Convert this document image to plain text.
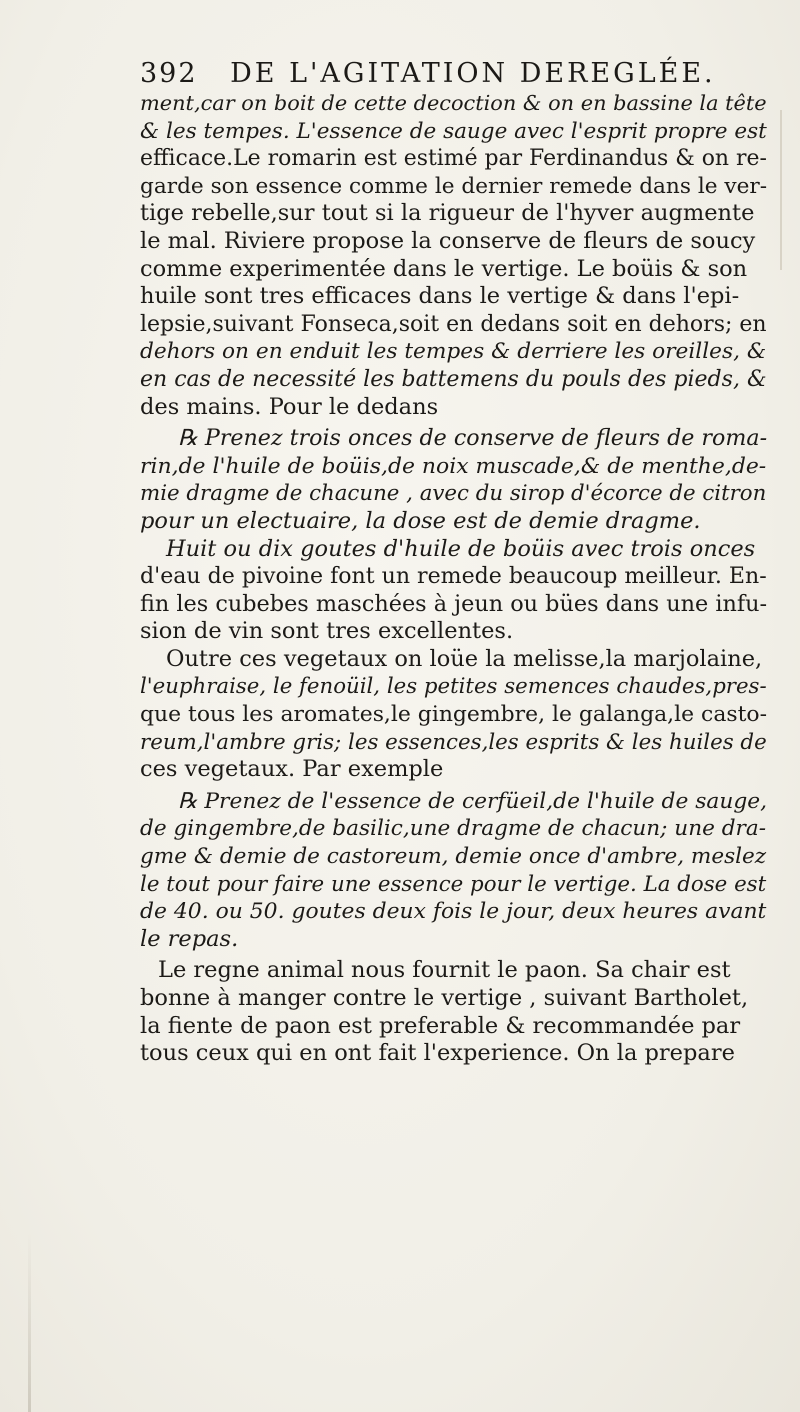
392 DE L'AGITATION DEREGLÉE.
ment,car on boit de cette decoction & on en bassine la tête
& les tempes. L'essence de sauge avec l'esprit propre est
efficace.Le romarin est estimé par Ferdinandus & on re-
garde son essence comme le dernier remede dans le ver-
tige rebelle,sur tout si la rigueur de l'hyver augmente
le mal. Riviere propose la conserve de fleurs de soucy
comme experimentée dans le vertige. Le boüis & son
huile sont tres efficaces dans le vertige & dans l'epi-
lepsie,suivant Fonseca,soit en dedans soit en dehors; en
dehors on en enduit les tempes & derriere les oreilles, &
en cas de necessité les battemens du pouls des pieds, &
des mains. Pour le dedans
℞ Prenez trois onces de conserve de fleurs de roma-
rin,de l'huile de boüis,de noix muscade,& de menthe,de-
mie dragme de chacune , avec du sirop d'écorce de citron
pour un electuaire, la dose est de demie dragme.
Huit ou dix goutes d'huile de boüis avec trois onces
d'eau de pivoine font un remede beaucoup meilleur. En-
fin les cubebes maschées à jeun ou bües dans une infu-
sion de vin sont tres excellentes.
Outre ces vegetaux on loüe la melisse,la marjolaine,
l'euphraise, le fenoüil, les petites semences chaudes,pres-
que tous les aromates,le gingembre, le galanga,le casto-
reum,l'ambre gris; les essences,les esprits & les huiles de
ces vegetaux. Par exemple
℞ Prenez de l'essence de cerfüeil,de l'huile de sauge,
de gingembre,de basilic,une dragme de chacun; une dra-
gme & demie de castoreum, demie once d'ambre, meslez
le tout pour faire une essence pour le vertige. La dose est
de 40. ou 50. goutes deux fois le jour, deux heures avant
le repas.
Le regne animal nous fournit le paon. Sa chair est
bonne à manger contre le vertige , suivant Bartholet,
la fiente de paon est preferable & recommandée par
tous ceux qui en ont fait l'experience. On la prepare
